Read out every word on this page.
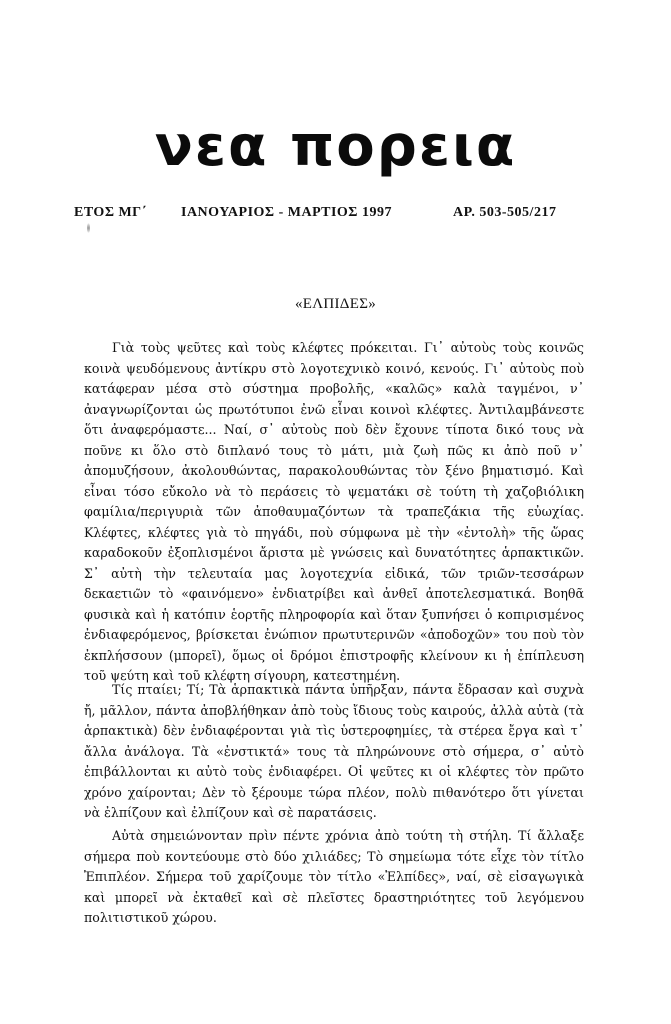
νεα πορεια
ΕΤΟΣ ΜΓ΄ ΙΑΝΟΥΑΡΙΟΣ - ΜΑΡΤΙΟΣ 1997	ΑΡ. 503-505/217
«ΕΛΠΙΔΕΣ»

Γιὰ τοὺς ψεῦτες καὶ τοὺς κλέφτες πρόκειται. Γι᾽ αὐτοὺς τοὺς κοινῶς κοινὰ ψευδόμενους ἀντίκρυ στὸ λογοτεχνικὸ κοινό, κενούς. Γι᾽ αὐτοὺς ποὺ κατάφεραν μέσα στὸ σύστημα προβολῆς, «καλῶς» καλὰ ταγμένοι, ν᾽ ἀναγνωρίζονται ὡς πρωτότυποι ἐνῶ εἶναι κοινοὶ κλέφτες. Ἀντιλαμβάνεστε ὅτι ἀναφερόμαστε... Ναί, σ᾽ αὐτοὺς ποὺ δὲν ἔχουνε τίποτα δικό τους νὰ ποῦνε κι ὅλο στὸ διπλανό τους τὸ μάτι, μιὰ ζωὴ πῶς κι ἀπὸ ποῦ ν᾽ ἀπομυζήσουν, ἀκολουθώντας, παρακολουθώντας τὸν ξένο βηματισμό. Καὶ εἶναι τόσο εὔκολο νὰ τὸ περάσεις τὸ ψεματάκι σὲ τούτη τὴ χαζοβιόλικη φαμίλια/περιγυριὰ τῶν ἀποθαυμαζόντων τὰ τραπεζάκια τῆς εὐωχίας. Κλέφτες, κλέφτες γιὰ τὸ πηγάδι, ποὺ σύμφωνα μὲ τὴν «ἐντολὴ» τῆς ὥρας καραδοκοῦν ἐξοπλισμένοι ἄριστα μὲ γνώσεις καὶ δυνατότητες ἁρπακτικῶν. Σ᾽ αὐτὴ τὴν τελευταία μας λογοτεχνία εἰδικά, τῶν τριῶν-τεσσάρων δεκαετιῶν τὸ «φαινόμενο» ἐνδιατρίβει καὶ ἀνθεῖ ἀποτελεσματικά. Βοηθᾶ φυσικὰ καὶ ἡ κατόπιν ἑορτῆς πληροφορία καὶ ὅταν ξυπνήσει ὁ κοπιρισμένος ἐνδιαφερόμενος, βρίσκεται ἐνώπιον πρωτυτερινῶν «ἀποδοχῶν» του ποὺ τὸν ἐκπλήσσουν (μπορεῖ), ὅμως οἱ δρόμοι ἐπιστροφῆς κλείνουν κι ἡ ἐπίπλευση τοῦ ψεύτη καὶ τοῦ κλέφτη σίγουρη, κατεστημένη.

Τίς πταίει; Τί; Τὰ ἁρπακτικὰ πάντα ὑπῆρξαν, πάντα ἔδρασαν καὶ συχνὰ ἤ, μᾶλλον, πάντα ἀποβλήθηκαν ἀπὸ τοὺς ἴδιους τοὺς καιρούς, ἀλλὰ αὐτὰ (τὰ ἁρπακτικὰ) δὲν ἐνδιαφέρονται γιὰ τὶς ὑστεροφημίες, τὰ στέρεα ἔργα καὶ τ᾽ ἄλλα ἀνάλογα. Τὰ «ἐνστικτά» τους τὰ πληρώνουνε στὸ σήμερα, σ᾽ αὐτὸ ἐπιβάλλονται κι αὐτὸ τοὺς ἐνδιαφέρει. Οἱ ψεῦτες κι οἱ κλέφτες τὸν πρῶτο χρόνο χαίρονται; Δὲν τὸ ξέρουμε τώρα πλέον, πολὺ πιθανότερο ὅτι γίνεται νὰ ἐλπίζουν καὶ ἐλπίζουν καὶ σὲ παρατάσεις.

Αὐτὰ σημειώνονταν πρὶν πέντε χρόνια ἀπὸ τούτη τὴ στήλη. Τί ἄλλαξε σήμερα ποὺ κοντεύουμε στὸ δύο χιλιάδες; Τὸ σημείωμα τότε εἶχε τὸν τίτλο Ἐπιπλέον. Σήμερα τοῦ χαρίζουμε τὸν τίτλο «Ἐλπίδες», ναί, σὲ εἰσαγωγικὰ καὶ μπορεῖ νὰ ἐκταθεῖ καὶ σὲ πλεῖστες δραστηριότητες τοῦ λεγόμενου πολιτιστικοῦ χώρου.
